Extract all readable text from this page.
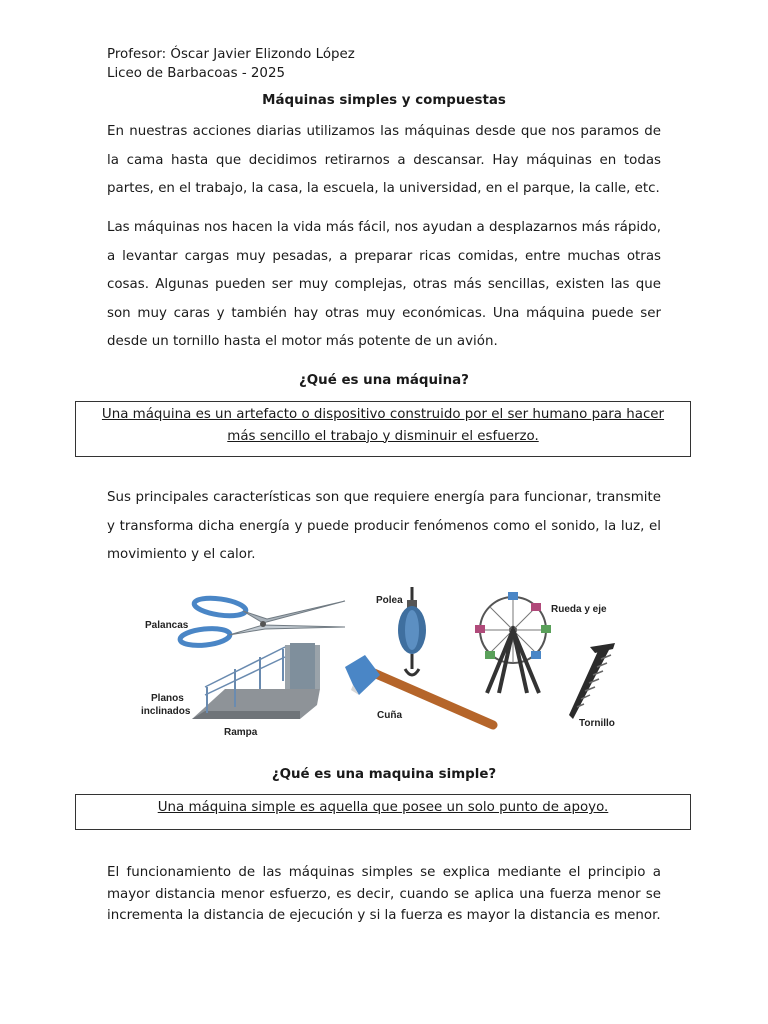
Profesor: Óscar Javier Elizondo López
Liceo de Barbacoas - 2025
Máquinas simples y compuestas
En nuestras acciones diarias utilizamos las máquinas desde que nos paramos de la cama hasta que decidimos retirarnos a descansar. Hay máquinas en todas partes, en el trabajo, la casa, la escuela, la universidad, en el parque, la calle, etc.
Las máquinas nos hacen la vida más fácil, nos ayudan a desplazarnos más rápido, a levantar cargas muy pesadas, a preparar ricas comidas, entre muchas otras cosas. Algunas pueden ser muy complejas, otras más sencillas, existen las que son muy caras y también hay otras muy económicas. Una máquina puede ser desde un tornillo hasta el motor más potente de un avión.
¿Qué es una máquina?
Una máquina es un artefacto o dispositivo construido por el ser humano para hacer más sencillo el trabajo y disminuir el esfuerzo.
Sus principales características son que requiere energía para funcionar, transmite y transforma dicha energía y puede producir fenómenos como el sonido, la luz, el movimiento y el calor.
Palancas
Polea
Rueda y eje
Planos
inclinados
Rampa
Cuña
Tornillo
¿Qué es una maquina simple?
Una máquina simple es aquella que posee un solo punto de apoyo.
El funcionamiento de las máquinas simples se explica mediante el principio a mayor distancia menor esfuerzo, es decir, cuando se aplica una fuerza menor se incrementa la distancia de ejecución y si la fuerza es mayor la distancia es menor.
